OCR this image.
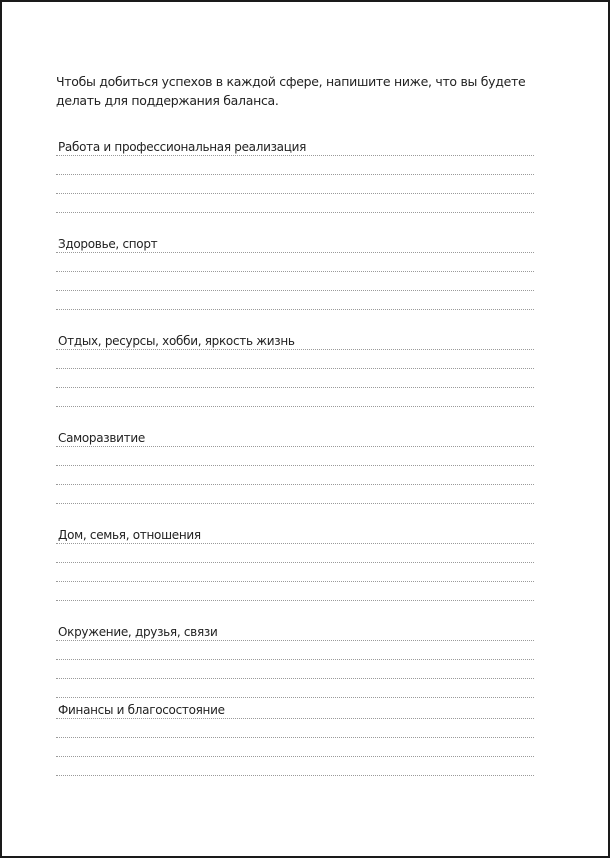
Чтобы добиться успехов в каждой сфере, напишите ниже, что вы будете
делать для поддержания баланса.
Работа и профессиональная реализация
Здоровье, спорт
Отдых, ресурсы, хобби, яркость жизнь
Саморазвитие
Дом, семья, отношения
Окружение, друзья, связи
Финансы и благосостояние
